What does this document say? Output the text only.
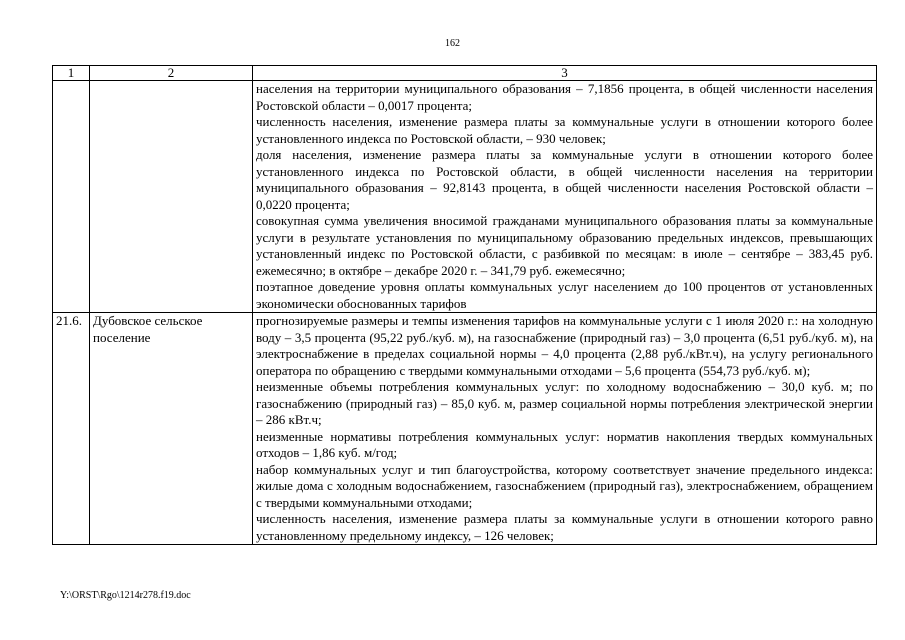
162
1	2	3

		населения на территории муниципального образования – 7,1856 процента, в общей численности населения Ростовской области – 0,0017 процента;
численность населения, изменение размера платы за коммунальные услуги в отношении которого более установленного индекса по Ростовской области, – 930 человек;
доля населения, изменение размера платы за коммунальные услуги в отношении которого более установленного индекса по Ростовской области, в общей численности населения на территории муниципального образования – 92,8143 процента, в общей численности населения Ростовской области – 0,0220 процента;
совокупная сумма увеличения вносимой гражданами муниципального образования платы за коммунальные услуги в результате установления по муниципальному образованию предельных индексов, превышающих установленный индекс по Ростовской области, с разбивкой по месяцам: в июле – сентябре – 383,45 руб. ежемесячно; в октябре – декабре 2020 г. – 341,79 руб. ежемесячно;
поэтапное доведение уровня оплаты коммунальных услуг населением до 100 процентов от установленных экономически обоснованных тарифов

21.6.	Дубовское сельское поселение	прогнозируемые размеры и темпы изменения тарифов на коммунальные услуги с 1 июля 2020 г.: на холодную воду – 3,5 процента (95,22 руб./куб. м), на газоснабжение (природный газ) – 3,0 процента (6,51 руб./куб. м), на электроснабжение в пределах социальной нормы – 4,0 процента (2,88 руб./кВт.ч), на услугу регионального оператора по обращению с твердыми коммунальными отходами – 5,6 процента (554,73 руб./куб. м);
неизменные объемы потребления коммунальных услуг: по холодному водоснабжению – 30,0 куб. м; по газоснабжению (природный газ) – 85,0 куб. м, размер социальной нормы потребления электрической энергии – 286 кВт.ч;
неизменные нормативы потребления коммунальных услуг: норматив накопления твердых коммунальных отходов – 1,86 куб. м/год;
набор коммунальных услуг и тип благоустройства, которому соответствует значение предельного индекса: жилые дома с холодным водоснабжением, газоснабжением (природный газ), электроснабжением, обращением с твердыми коммунальными отходами;
численность населения, изменение размера платы за коммунальные услуги в отношении которого равно установленному предельному индексу, – 126 человек;
Y:\ORST\Rgo\1214r278.f19.doc
